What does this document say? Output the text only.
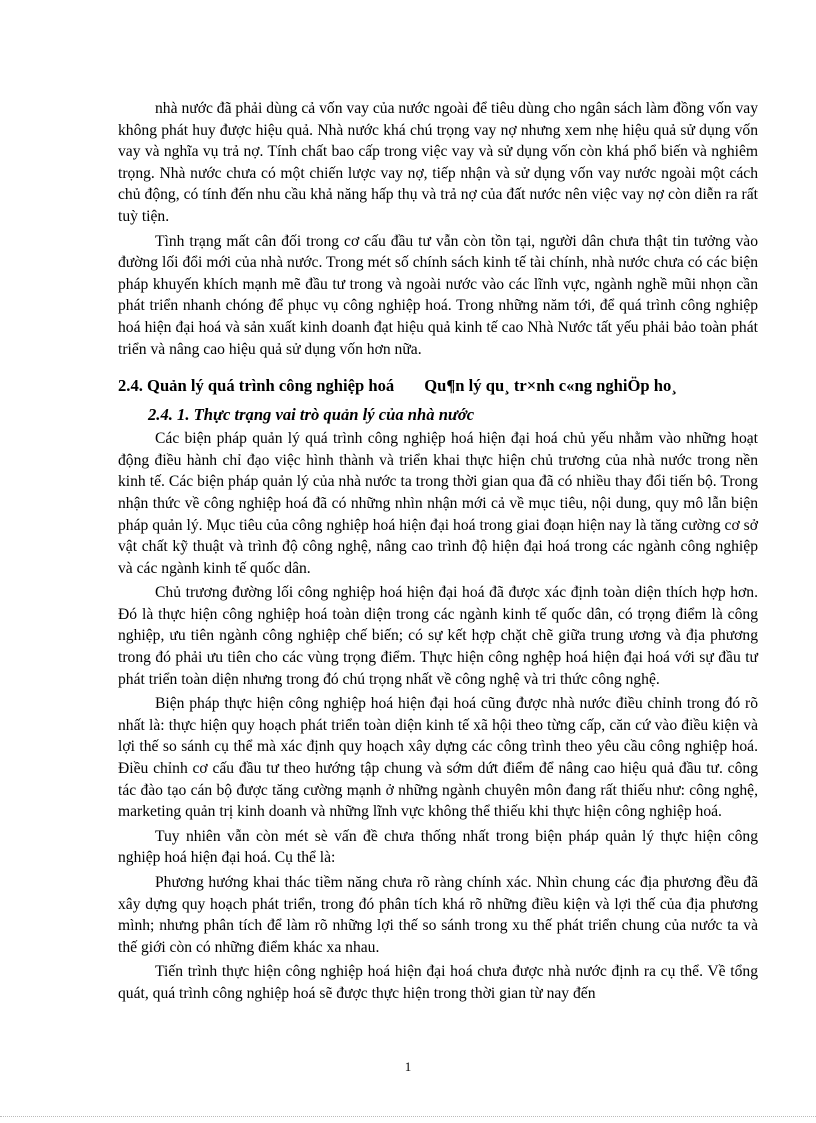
nhà nước đã phải dùng cả vốn vay của nước ngoài để tiêu dùng cho ngân sách làm đồng vốn vay không phát huy được hiệu quả. Nhà nước khá chú trọng vay nợ nhưng xem nhẹ hiệu quả sử dụng vốn vay và nghĩa vụ trả nợ. Tính chất bao cấp trong việc vay và sử dụng vốn còn khá phổ biến và nghiêm trọng. Nhà nước chưa có một chiến lược vay nợ, tiếp nhận và sử dụng vốn vay nước ngoài một cách chủ động, có tính đến nhu cầu khả năng hấp thụ và trả nợ của đất nước nên việc vay nợ còn diễn ra rất tuỳ tiện.

Tình trạng mất cân đối trong cơ cấu đầu tư vẫn còn tồn tại, người dân chưa thật tin tưởng vào đường lối đổi mới của nhà nước. Trong mét số chính sách kinh tế tài chính, nhà nước chưa có các biện pháp khuyến khích mạnh mẽ đầu tư trong và ngoài nước vào các lĩnh vực, ngành nghề mũi nhọn cần phát triển nhanh chóng để phục vụ công nghiệp hoá. Trong những năm tới, để quá trình công nghiệp hoá hiện đại hoá và sản xuất kinh doanh đạt hiệu quả kinh tế cao Nhà Nước tất yếu phải bảo toàn phát triển và nâng cao hiệu quả sử dụng vốn hơn nữa.

2.4. Quản lý quá trình công nghiệp hoá Qu¶n lý qu¸ tr×nh c«ng nghiÖp ho¸
2.4. 1. Thực trạng vai trò quản lý của nhà nước

Các biện pháp quản lý quá trình công nghiệp hoá hiện đại hoá chủ yếu nhằm vào những hoạt động điều hành chỉ đạo việc hình thành và triển khai thực hiện chủ trương của nhà nước trong nền kinh tế. Các biện pháp quản lý của nhà nước ta trong thời gian qua đã có nhiều thay đổi tiến bộ. Trong nhận thức về công nghiệp hoá đã có những nhìn nhận mới cả về mục tiêu, nội dung, quy mô lẫn biện pháp quản lý. Mục tiêu của công nghiệp hoá hiện đại hoá trong giai đoạn hiện nay là tăng cường cơ sở vật chất kỹ thuật và trình độ công nghệ, nâng cao trình độ hiện đại hoá trong các ngành công nghiệp và các ngành kinh tế quốc dân.

Chủ trương đường lối công nghiệp hoá hiện đại hoá đã được xác định toàn diện thích hợp hơn. Đó là thực hiện công nghiệp hoá toàn diện trong các ngành kinh tế quốc dân, có trọng điểm là công nghiệp, ưu tiên ngành công nghiệp chế biến; có sự kết hợp chặt chẽ giữa trung ương và địa phương trong đó phải ưu tiên cho các vùng trọng điểm. Thực hiện công nghệp hoá hiện đại hoá với sự đầu tư phát triển toàn diện nhưng trong đó chú trọng nhất về công nghệ và tri thức công nghệ.

Biện pháp thực hiện công nghiệp hoá hiện đại hoá cũng được nhà nước điều chỉnh trong đó rõ nhất là: thực hiện quy hoạch phát triển toàn diện kinh tế xã hội theo từng cấp, căn cứ vào điều kiện và lợi thế so sánh cụ thể mà xác định quy hoạch xây dựng các công trình theo yêu cầu công nghiệp hoá. Điều chỉnh cơ cấu đầu tư theo hướng tập chung và sớm dứt điểm để nâng cao hiệu quả đầu tư. công tác đào tạo cán bộ được tăng cường mạnh ở những ngành chuyên môn đang rất thiếu như: công nghệ, marketing quản trị kinh doanh và những lĩnh vực không thể thiếu khi thực hiện công nghiệp hoá.

Tuy nhiên vẫn còn mét sè vấn đề chưa thống nhất trong biện pháp quản lý thực hiện công nghiệp hoá hiện đại hoá. Cụ thể là:

Phương hướng khai thác tiềm năng chưa rõ ràng chính xác. Nhìn chung các địa phương đều đã xây dựng quy hoạch phát triển, trong đó phân tích khá rõ những điều kiện và lợi thế của địa phương mình; nhưng phân tích để làm rõ những lợi thế so sánh trong xu thế phát triển chung của nước ta và thế giới còn có những điểm khác xa nhau.

Tiến trình thực hiện công nghiệp hoá hiện đại hoá chưa được nhà nước định ra cụ thể. Về tổng quát, quá trình công nghiệp hoá sẽ được thực hiện trong thời gian từ nay đến

1
